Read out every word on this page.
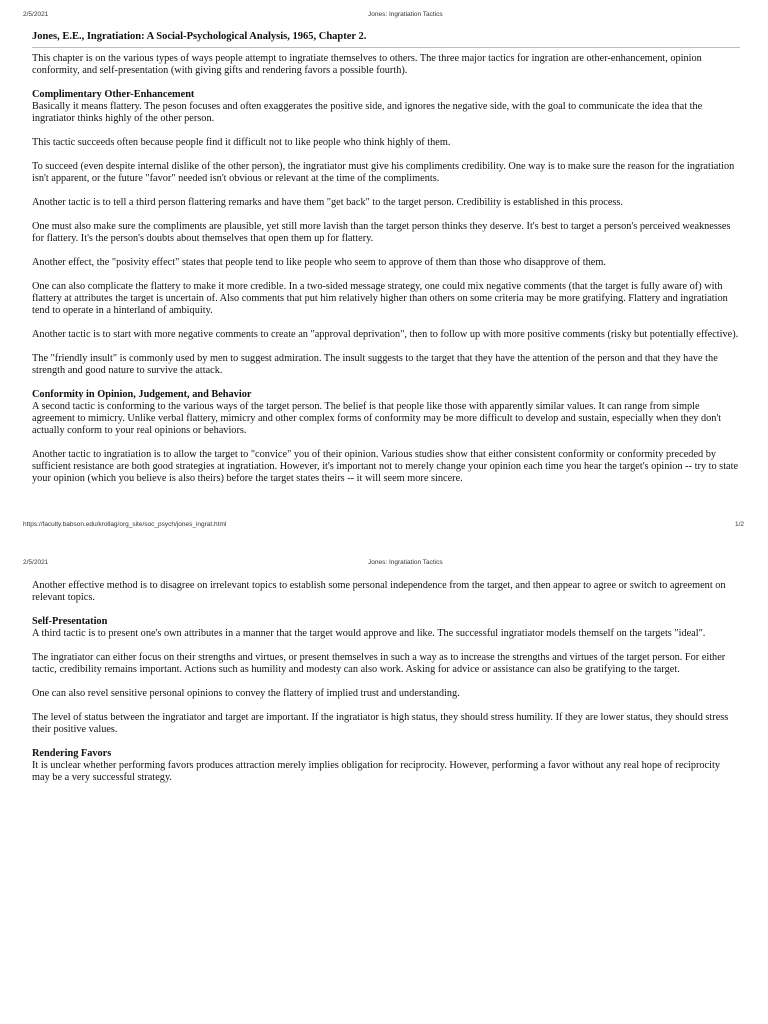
2/5/2021	Jones: Ingratiation Tactics
Jones, E.E., Ingratiation: A Social-Psychological Analysis, 1965, Chapter 2.

This chapter is on the various types of ways people attempt to ingratiate themselves to others. The three major tactics for ingration are other-enhancement, opinion conformity, and self-presentation (with giving gifts and rendering favors a possible fourth).

Complimentary Other-Enhancement

Basically it means flattery. The peson focuses and often exaggerates the positive side, and ignores the negative side, with the goal to communicate the idea that the ingratiator thinks highly of the other person.

This tactic succeeds often because people find it difficult not to like people who think highly of them.

To succeed (even despite internal dislike of the other person), the ingratiator must give his compliments credibility. One way is to make sure the reason for the ingratiation isn't apparent, or the future "favor" needed isn't obvious or relevant at the time of the compliments.

Another tactic is to tell a third person flattering remarks and have them "get back" to the target person. Credibility is established in this process.

One must also make sure the compliments are plausible, yet still more lavish than the target person thinks they deserve. It's best to target a person's perceived weaknesses for flattery. It's the person's doubts about themselves that open them up for flattery.

Another effect, the "posivity effect" states that people tend to like people who seem to approve of them than those who disapprove of them.

One can also complicate the flattery to make it more credible. In a two-sided message strategy, one could mix negative comments (that the target is fully aware of) with flattery at attributes the target is uncertain of. Also comments that put him relatively higher than others on some criteria may be more gratifying. Flattery and ingratiation tend to operate in a hinterland of ambiquity.

Another tactic is to start with more negative comments to create an "approval deprivation", then to follow up with more positive comments (risky but potentially effective).

The "friendly insult" is commonly used by men to suggest admiration. The insult suggests to the target that they have the attention of the person and that they have the strength and good nature to survive the attack.

Conformity in Opinion, Judgement, and Behavior

A second tactic is conforming to the various ways of the target person. The belief is that people like those with apparently similar values. It can range from simple agreement to mimicry. Unlike verbal flattery, mimicry and other complex forms of conformity may be more difficult to develop and sustain, especially when they don't actually conform to your real opinions or behaviors.

Another tactic to ingratiation is to allow the target to "convice" you of their opinion. Various studies show that either consistent conformity or conformity preceded by sufficient resistance are both good strategies at ingratiation. However, it's important not to merely change your opinion each time you hear the target's opinion -- try to state your opinion (which you believe is also theirs) before the target states theirs -- it will seem more sincere.

https://faculty.babson.edu/krollag/org_site/soc_psych/jones_ingrat.html	1/2
2/5/2021	Jones: Ingratiation Tactics

Another effective method is to disagree on irrelevant topics to establish some personal independence from the target, and then appear to agree or switch to agreement on relevant topics.

Self-Presentation

A third tactic is to present one's own attributes in a manner that the target would approve and like. The successful ingratiator models themself on the targets "ideal".

The ingratiator can either focus on their strengths and virtues, or present themselves in such a way as to increase the strengths and virtues of the target person. For either tactic, credibility remains important. Actions such as humility and modesty can also work. Asking for advice or assistance can also be gratifying to the target.

One can also revel sensitive personal opinions to convey the flattery of implied trust and understanding.

The level of status between the ingratiator and target are important. If the ingratiator is high status, they should stress humility. If they are lower status, they should stress their positive values.

Rendering Favors

It is unclear whether performing favors produces attraction merely implies obligation for reciprocity. However, performing a favor without any real hope of reciprocity may be a very successful strategy.
